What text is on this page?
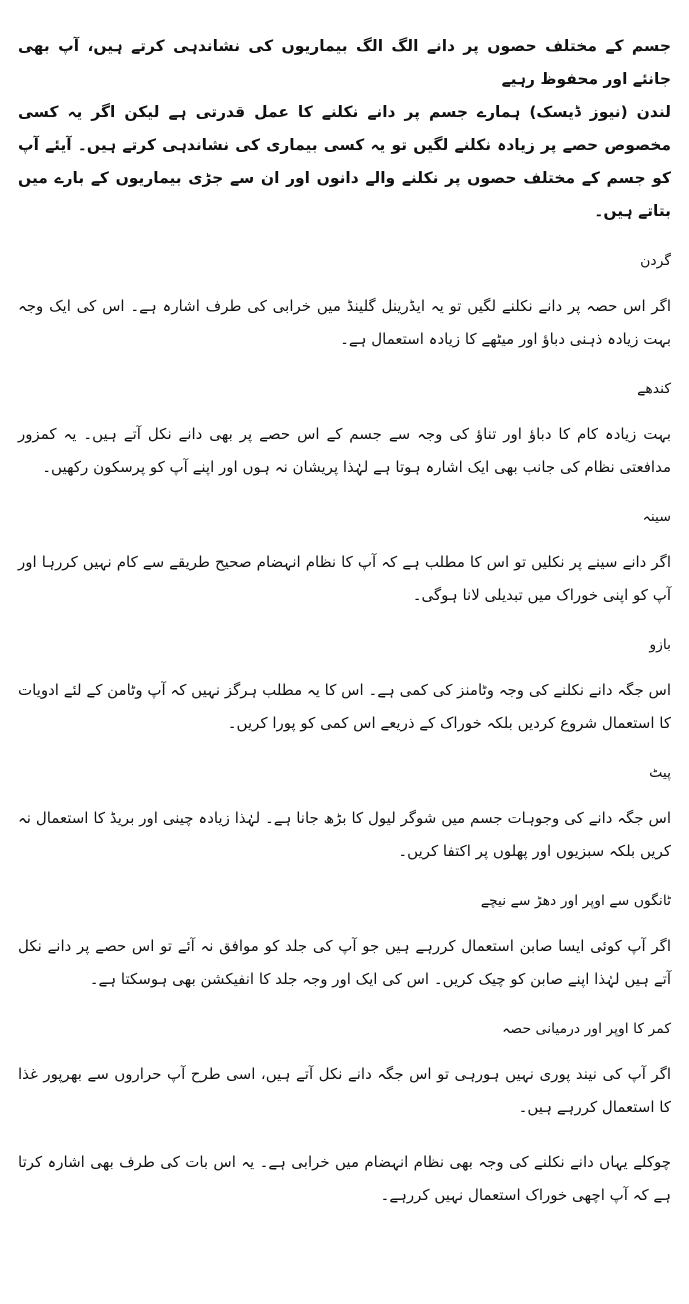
جسم کے مختلف حصوں پر دانے الگ الگ بیماریوں کی نشاندہی کرتے ہیں، آپ بھی جانئے اور محفوظ رہیے

لندن (نیوز ڈیسک) ہمارے جسم پر دانے نکلنے کا عمل قدرتی ہے لیکن اگر یہ کسی مخصوص حصے پر زیادہ نکلنے لگیں تو یہ کسی بیماری کی نشاندہی کرتے ہیں۔ آیئے آپ کو جسم کے مختلف حصوں پر نکلنے والے دانوں اور ان سے جڑی بیماریوں کے بارے میں بتاتے ہیں۔

گردن

اگر اس حصہ پر دانے نکلنے لگیں تو یہ ایڈرینل گلینڈ میں خرابی کی طرف اشارہ ہے۔ اس کی ایک وجہ بہت زیادہ ذہنی دباؤ اور میٹھے کا زیادہ استعمال ہے۔

کندھے

بہت زیادہ کام کا دباؤ اور تناؤ کی وجہ سے جسم کے اس حصے پر بھی دانے نکل آتے ہیں۔ یہ کمزور مدافعتی نظام کی جانب بھی ایک اشارہ ہوتا ہے لہٰذا پریشان نہ ہوں اور اپنے آپ کو پرسکون رکھیں۔

سینہ

اگر دانے سینے پر نکلیں تو اس کا مطلب ہے کہ آپ کا نظام انہضام صحیح طریقے سے کام نہیں کررہا اور آپ کو اپنی خوراک میں تبدیلی لانا ہوگی۔

بازو

اس جگہ دانے نکلنے کی وجہ وٹامنز کی کمی ہے۔ اس کا یہ مطلب ہرگز نہیں کہ آپ وٹامن کے لئے ادویات کا استعمال شروع کردیں بلکہ خوراک کے ذریعے اس کمی کو پورا کریں۔

پیٹ

اس جگہ دانے کی وجوہات جسم میں شوگر لیول کا بڑھ جانا ہے۔ لہٰذا زیادہ چینی اور بریڈ کا استعمال نہ کریں بلکہ سبزیوں اور پھلوں پر اکتفا کریں۔

ٹانگوں سے اوپر اور دھڑ سے نیچے

اگر آپ کوئی ایسا صابن استعمال کررہے ہیں جو آپ کی جلد کو موافق نہ آئے تو اس حصے پر دانے نکل آتے ہیں لہٰذا اپنے صابن کو چیک کریں۔ اس کی ایک اور وجہ جلد کا انفیکشن بھی ہوسکتا ہے۔

کمر کا اوپر اور درمیانی حصہ

اگر آپ کی نیند پوری نہیں ہورہی تو اس جگہ دانے نکل آتے ہیں، اسی طرح آپ حراروں سے بھرپور غذا کا استعمال کررہے ہیں۔

چوکلے یہاں دانے نکلنے کی وجہ بھی نظام انہضام میں خرابی ہے۔ یہ اس بات کی طرف بھی اشارہ کرتا ہے کہ آپ اچھی خوراک استعمال نہیں کررہے۔
